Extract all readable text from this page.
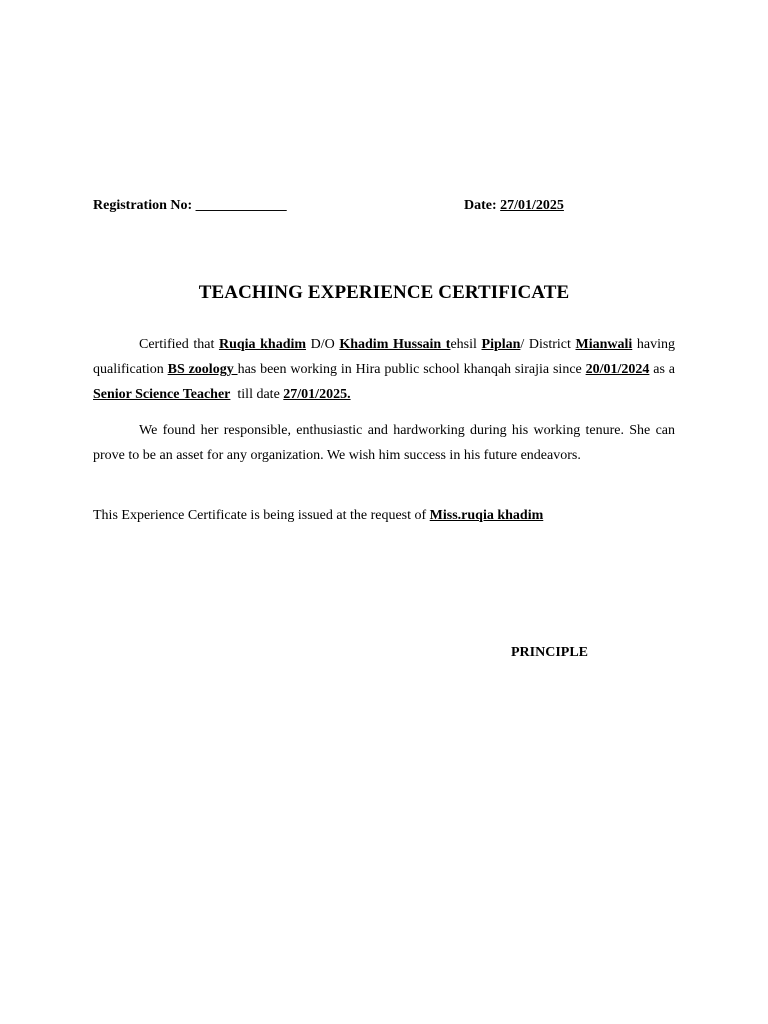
Registration No: _____________	Date: 27/01/2025
TEACHING EXPERIENCE CERTIFICATE
Certified that Ruqia khadim D/O Khadim Hussain tehsil Piplan/ District Mianwali having qualification BS zoology has been working in Hira public school khanqah sirajia since 20/01/2024 as a Senior Science Teacher  till date 27/01/2025.
We found her responsible, enthusiastic and hardworking during his working tenure. She can prove to be an asset for any organization. We wish him success in his future endeavors.
This Experience Certificate is being issued at the request of Miss.ruqia khadim
PRINCIPLE
